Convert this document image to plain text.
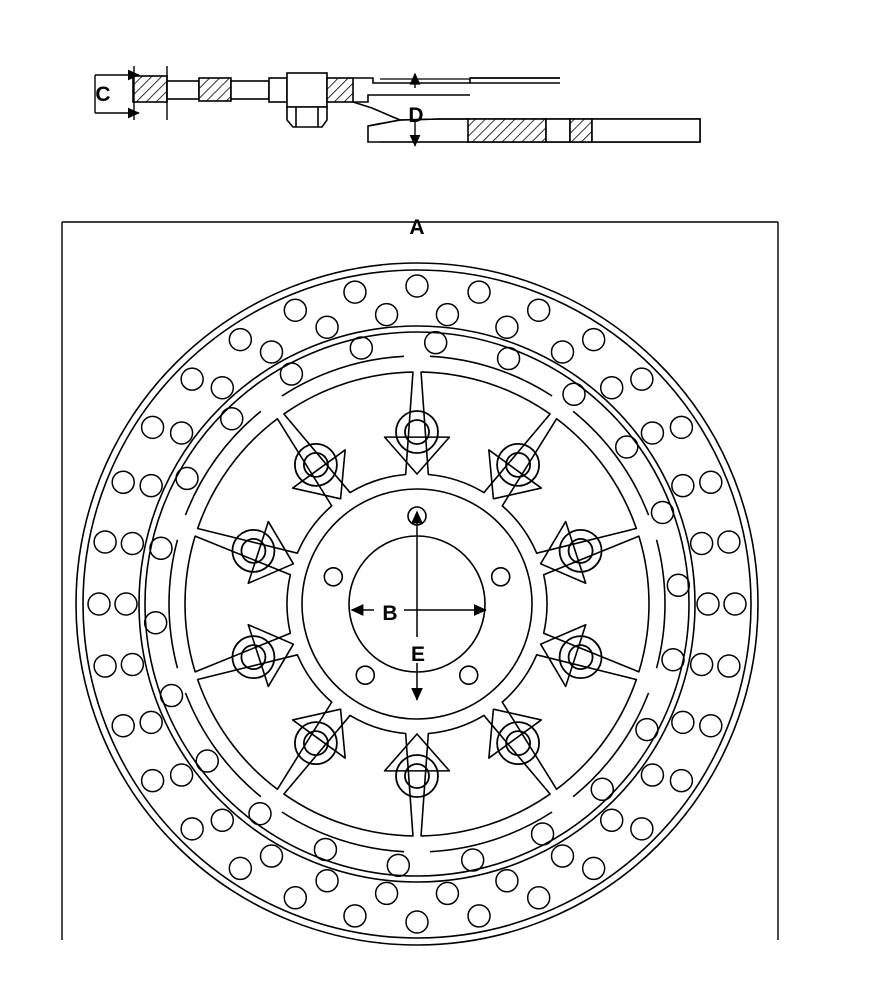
C
D
A
B
E
